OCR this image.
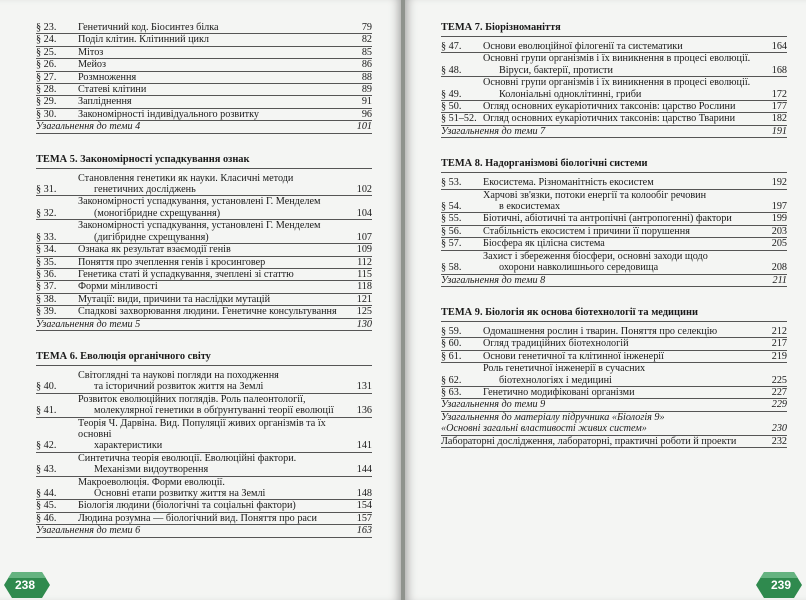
§ 23.	Генетичний код. Біосинтез білка	79
§ 24.	Поділ клітин. Клітинний цикл	82
§ 25.	Мітоз	85
§ 26.	Мейоз	86
§ 27.	Розмноження	88
§ 28.	Статеві клітини	89
§ 29.	Запліднення	91
§ 30.	Закономірності індивідуального розвитку	96
Узагальнення до теми 4	101
ТЕМА 5. Закономірності успадкування ознак
§ 31.
Становлення генетики як науки. Класичні методи
генетичних досліджень	102
§ 32.
Закономірності успадкування, установлені Г. Менделем
(моногібридне схрещування)	104
§ 33.
Закономірності успадкування, установлені Г. Менделем
(дигібридне схрещування)	107
§ 34.	Ознака як результат взаємодії генів	109
§ 35.	Поняття про зчеплення генів і кросинговер	112
§ 36.	Генетика статі й успадкування, зчеплені зі статтю	115
§ 37.	Форми мінливості	118
§ 38.	Мутації: види, причини та наслідки мутацій	121
§ 39.	Спадкові захворювання людини. Генетичне консультування	125
Узагальнення до теми 5	130
ТЕМА 6. Еволюція органічного світу
§ 40.
Світоглядні та наукові погляди на походження
та історичний розвиток життя на Землі	131
§ 41.
Розвиток еволюційних поглядів. Роль палеонтології,
молекулярної генетики в обґрунтуванні теорії еволюції	136
§ 42.
Теорія Ч. Дарвіна. Вид. Популяції живих організмів та їх основні
характеристики	141
§ 43.
Синтетична теорія еволюції. Еволюційні фактори.
Механізми видоутворення	144
§ 44.
Макроеволюція. Форми еволюції.
Основні етапи розвитку життя на Землі	148
§ 45.	Біологія людини (біологічні та соціальні фактори)	154
§ 46.	Людина розумна — біологічний вид. Поняття про раси	157
Узагальнення до теми 6	163
238
ТЕМА 7. Біорізноманіття
§ 47.	Основи еволюційної філогенії та систематики	164
§ 48.
Основні групи організмів і їх виникнення в процесі еволюції.
Віруси, бактерії, протисти	168
§ 49.
Основні групи організмів і їх виникнення в процесі еволюції.
Колоніальні одноклітинні, гриби	172
§ 50.	Огляд основних еукаріотичних таксонів: царство Рослини	177
§ 51–52. Огляд основних еукаріотичних таксонів: царство Тварини	182
Узагальнення до теми 7	191
ТЕМА 8. Надорганізмові біологічні системи
§ 53.	Екосистема. Різноманітність екосистем	192
§ 54.
Харчові зв'язки, потоки енергії та колообіг речовин
в екосистемах	197
§ 55.	Біотичні, абіотичні та антропічні (антропогенні) фактори	199
§ 56.	Стабільність екосистем і причини її порушення	203
§ 57.	Біосфера як цілісна система	205
§ 58.
Захист і збереження біосфери, основні заходи щодо
охорони навколишнього середовища	208
Узагальнення до теми 8	211
ТЕМА 9. Біологія як основа біотехнології та медицини
§ 59.	Одомашнення рослин і тварин. Поняття про селекцію	212
§ 60.	Огляд традиційних біотехнологій	217
§ 61.	Основи генетичної та клітинної інженерії	219
§ 62.
Роль генетичної інженерії в сучасних
біотехнологіях і медицині	225
§ 63.	Генетично модифіковані організми	227
Узагальнення до теми 9	229
Узагальнення до матеріалу підручника «Біологія 9»
«Основні загальні властивості живих систем»	230
Лабораторні дослідження, лабораторні, практичні роботи й проекти	232
239
